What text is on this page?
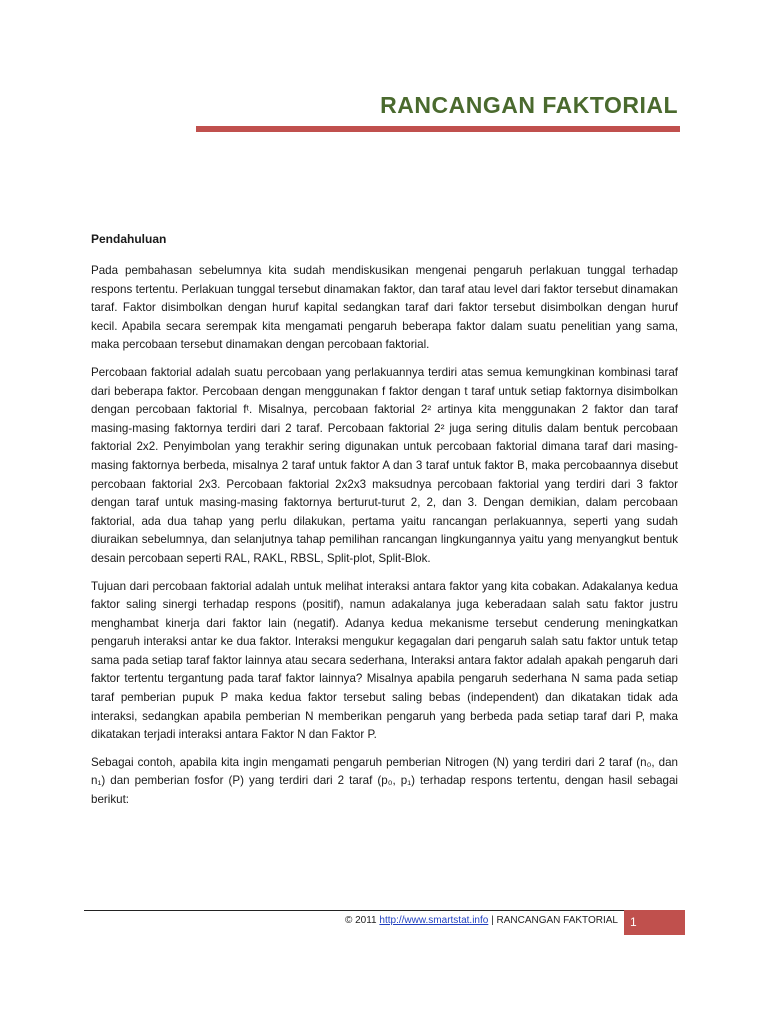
RANCANGAN FAKTORIAL
Pendahuluan

Pada pembahasan sebelumnya kita sudah mendiskusikan mengenai pengaruh perlakuan tunggal terhadap respons tertentu. Perlakuan tunggal tersebut dinamakan faktor, dan taraf atau level dari faktor tersebut dinamakan taraf. Faktor disimbolkan dengan huruf kapital sedangkan taraf dari faktor tersebut disimbolkan dengan huruf kecil. Apabila secara serempak kita mengamati pengaruh beberapa faktor dalam suatu penelitian yang sama, maka percobaan tersebut dinamakan dengan percobaan faktorial.

Percobaan faktorial adalah suatu percobaan yang perlakuannya terdiri atas semua kemungkinan kombinasi taraf dari beberapa faktor. Percobaan dengan menggunakan f faktor dengan t taraf untuk setiap faktornya disimbolkan dengan percobaan faktorial fᵗ. Misalnya, percobaan faktorial 2² artinya kita menggunakan 2 faktor dan taraf masing-masing faktornya terdiri dari 2 taraf. Percobaan faktorial 2² juga sering ditulis dalam bentuk percobaan faktorial 2x2. Penyimbolan yang terakhir sering digunakan untuk percobaan faktorial dimana taraf dari masing-masing faktornya berbeda, misalnya 2 taraf untuk faktor A dan 3 taraf untuk faktor B, maka percobaannya disebut percobaan faktorial 2x3. Percobaan faktorial 2x2x3 maksudnya percobaan faktorial yang terdiri dari 3 faktor dengan taraf untuk masing-masing faktornya berturut-turut 2, 2, dan 3. Dengan demikian, dalam percobaan faktorial, ada dua tahap yang perlu dilakukan, pertama yaitu rancangan perlakuannya, seperti yang sudah diuraikan sebelumnya, dan selanjutnya tahap pemilihan rancangan lingkungannya yaitu yang menyangkut bentuk desain percobaan seperti RAL, RAKL, RBSL, Split-plot, Split-Blok.

Tujuan dari percobaan faktorial adalah untuk melihat interaksi antara faktor yang kita cobakan. Adakalanya kedua faktor saling sinergi terhadap respons (positif), namun adakalanya juga keberadaan salah satu faktor justru menghambat kinerja dari faktor lain (negatif). Adanya kedua mekanisme tersebut cenderung meningkatkan pengaruh interaksi antar ke dua faktor. Interaksi mengukur kegagalan dari pengaruh salah satu faktor untuk tetap sama pada setiap taraf faktor lainnya atau secara sederhana, Interaksi antara faktor adalah apakah pengaruh dari faktor tertentu tergantung pada taraf faktor lainnya? Misalnya apabila pengaruh sederhana N sama pada setiap taraf pemberian pupuk P maka kedua faktor tersebut saling bebas (independent) dan dikatakan tidak ada interaksi, sedangkan apabila pemberian N memberikan pengaruh yang berbeda pada setiap taraf dari P, maka dikatakan terjadi interaksi antara Faktor N dan Faktor P.

Sebagai contoh, apabila kita ingin mengamati pengaruh pemberian Nitrogen (N) yang terdiri dari 2 taraf (n₀, dan n₁) dan pemberian fosfor (P) yang terdiri dari 2 taraf (p₀, p₁) terhadap respons tertentu, dengan hasil sebagai berikut:

© 2011 http://www.smartstat.info | RANCANGAN FAKTORIAL	1
